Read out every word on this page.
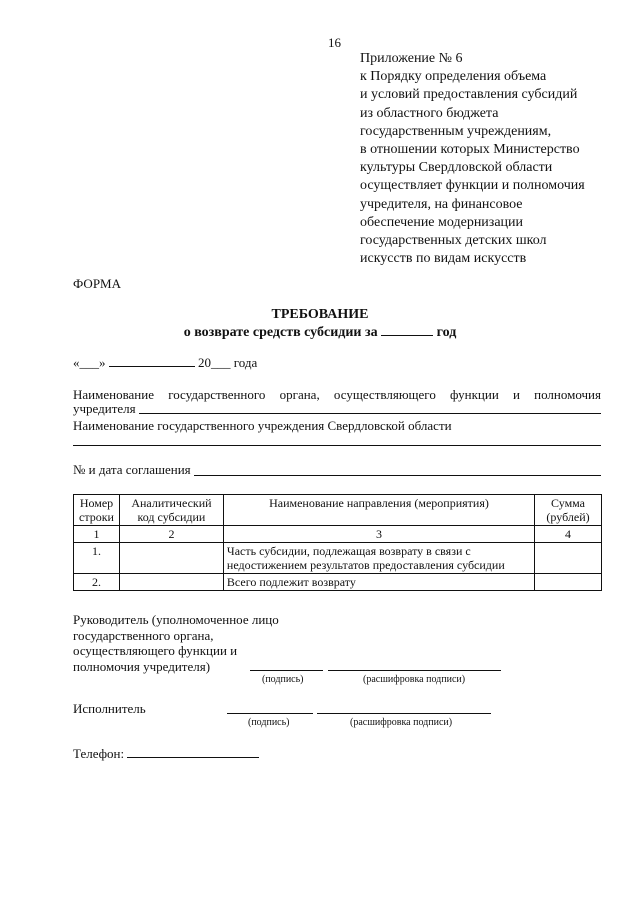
16
Приложение № 6
к Порядку определения объема
и условий предоставления субсидий
из областного бюджета
государственным учреждениям,
в отношении которых Министерство
культуры Свердловской области
осуществляет функции и полномочия
учредителя, на финансовое
обеспечение модернизации
государственных детских школ
искусств по видам искусств
ФОРМА
ТРЕБОВАНИЕ
о возврате средств субсидии за	год
«___»	20___ года
Наименование государственного органа, осуществляющего функции и полномочия
учредителя
Наименование государственного учреждения Свердловской области
№ и дата соглашения
Номер строки	Аналитический код субсидии	Наименование направления (мероприятия)	Сумма (рублей)
1	2	3	4
1.		Часть субсидии, подлежащая возврату в связи с недостижением результатов предоставления субсидии	
2.		Всего подлежит возврату	
Руководитель (уполномоченное лицо
государственного органа,
осуществляющего функции и
полномочия учредителя)
(подпись)	(расшифровка подписи)
Исполнитель
(подпись)	(расшифровка подписи)
Телефон:
